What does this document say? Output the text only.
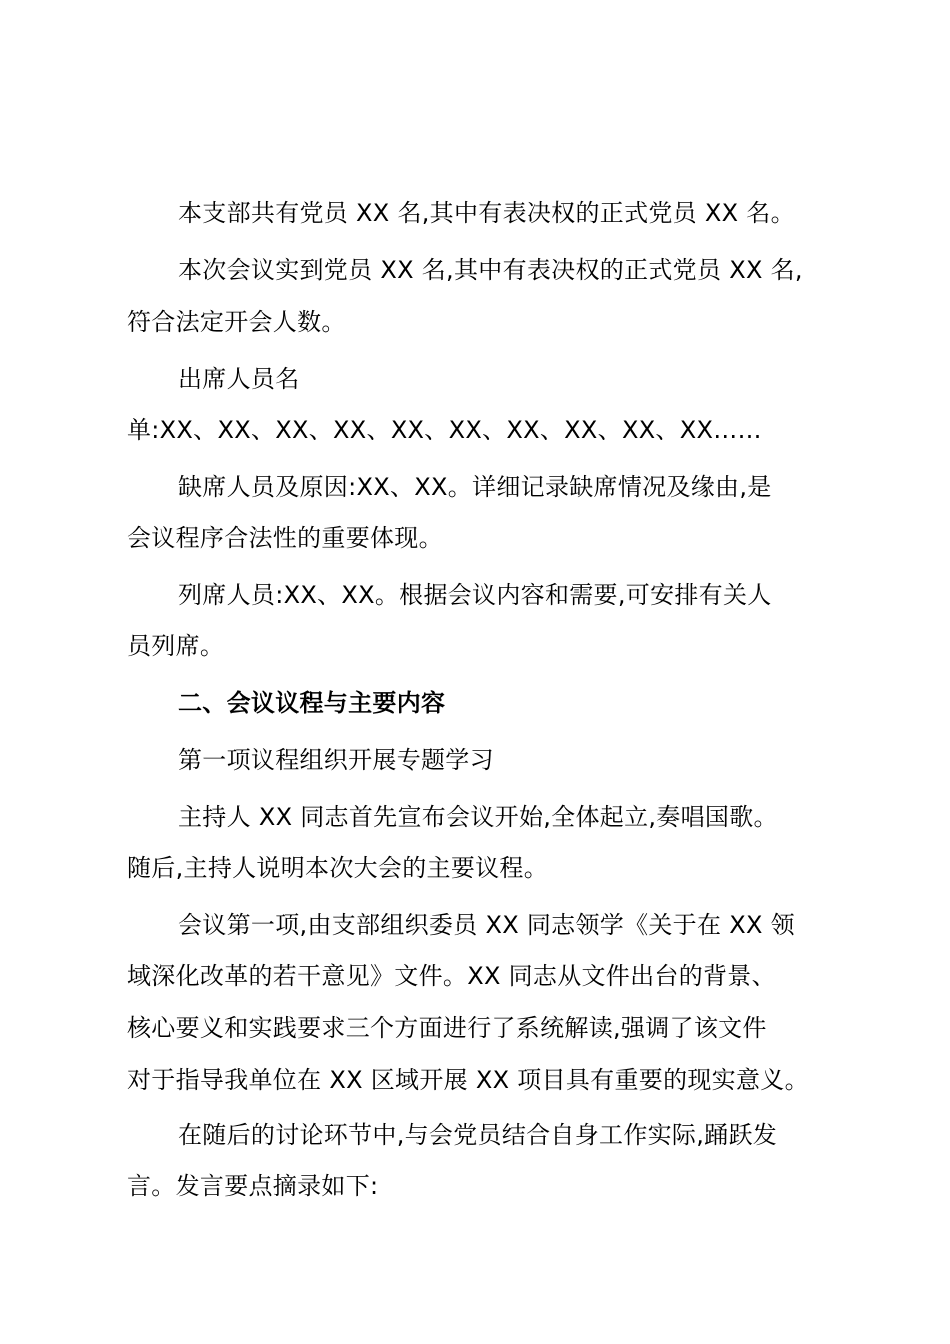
本支部共有党员 XX 名,其中有表决权的正式党员 XX 名。
本次会议实到党员 XX 名,其中有表决权的正式党员 XX 名,
符合法定开会人数。
出席人员名
单:XX、XX、XX、XX、XX、XX、XX、XX、XX、XX……
缺席人员及原因:XX、XX。详细记录缺席情况及缘由,是
会议程序合法性的重要体现。
列席人员:XX、XX。根据会议内容和需要,可安排有关人
员列席。
二、会议议程与主要内容
第一项议程组织开展专题学习
主持人 XX 同志首先宣布会议开始,全体起立,奏唱国歌。
随后,主持人说明本次大会的主要议程。
会议第一项,由支部组织委员 XX 同志领学《关于在 XX 领
域深化改革的若干意见》文件。XX 同志从文件出台的背景、
核心要义和实践要求三个方面进行了系统解读,强调了该文件
对于指导我单位在 XX 区域开展 XX 项目具有重要的现实意义。
在随后的讨论环节中,与会党员结合自身工作实际,踊跃发
言。发言要点摘录如下:
